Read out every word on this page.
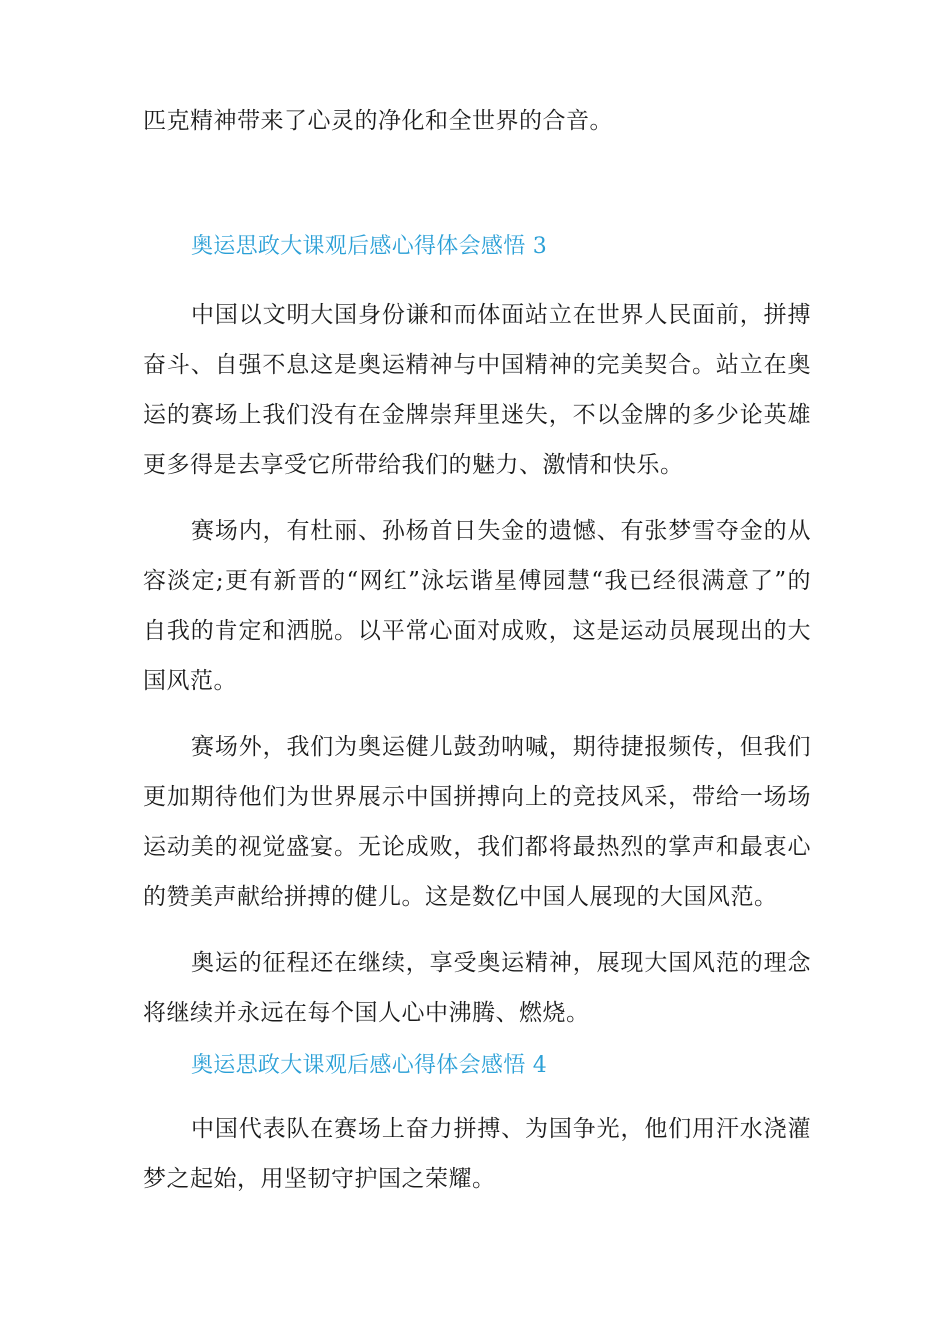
匹克精神带来了心灵的净化和全世界的合音。

奥运思政大课观后感心得体会感悟 3

中国以文明大国身份谦和而体面站立在世界人民面前，拼搏奋斗、自强不息这是奥运精神与中国精神的完美契合。站立在奥运的赛场上我们没有在金牌崇拜里迷失，不以金牌的多少论英雄更多得是去享受它所带给我们的魅力、激情和快乐。

赛场内，有杜丽、孙杨首日失金的遗憾、有张梦雪夺金的从容淡定;更有新晋的“网红”泳坛谐星傅园慧“我已经很满意了”的自我的肯定和洒脱。以平常心面对成败，这是运动员展现出的大国风范。

赛场外，我们为奥运健儿鼓劲呐喊，期待捷报频传，但我们更加期待他们为世界展示中国拼搏向上的竞技风采，带给一场场运动美的视觉盛宴。无论成败，我们都将最热烈的掌声和最衷心的赞美声献给拼搏的健儿。这是数亿中国人展现的大国风范。

奥运的征程还在继续，享受奥运精神，展现大国风范的理念将继续并永远在每个国人心中沸腾、燃烧。

奥运思政大课观后感心得体会感悟 4

中国代表队在赛场上奋力拼搏、为国争光，他们用汗水浇灌梦之起始，用坚韧守护国之荣耀。
